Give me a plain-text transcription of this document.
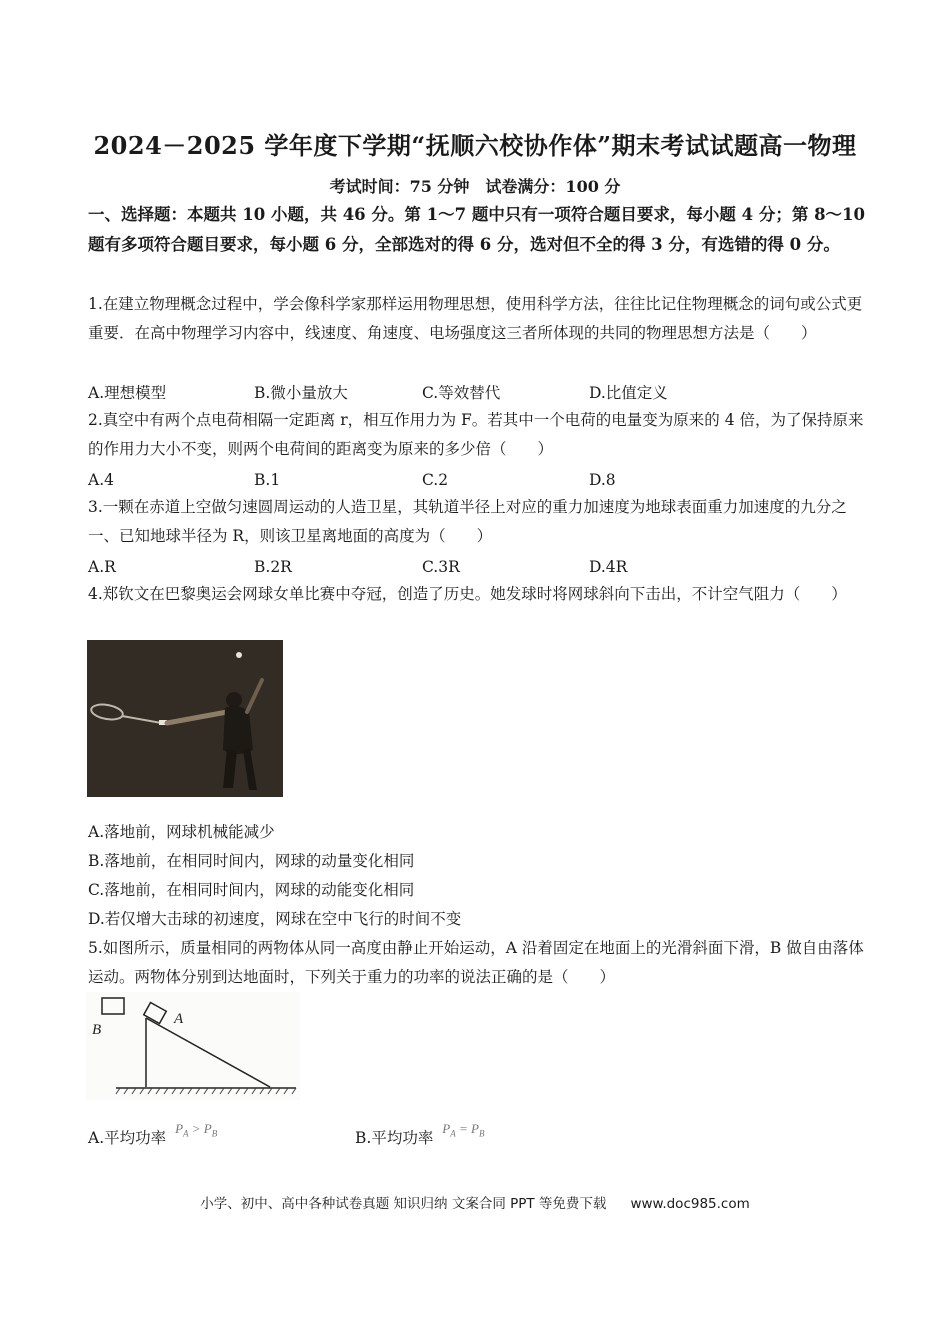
2024－2025 学年度下学期“抚顺六校协作体”期末考试试题高一物理
考试时间：75 分钟　试卷满分：100 分
一、选择题：本题共 10 小题，共 46 分。第 1～7 题中只有一项符合题目要求，每小题 4 分；第 8～10 题有多项符合题目要求，每小题 6 分，全部选对的得 6 分，选对但不全的得 3 分，有选错的得 0 分。
1.在建立物理概念过程中，学会像科学家那样运用物理思想，使用科学方法，往往比记住物理概念的词句或公式更重要．在高中物理学习内容中，线速度、角速度、电场强度这三者所体现的共同的物理思想方法是（　　）
A.理想模型	B.微小量放大	C.等效替代	D.比值定义
2.真空中有两个点电荷相隔一定距离 r，相互作用力为 F。若其中一个电荷的电量变为原来的 4 倍，为了保持原来的作用力大小不变，则两个电荷间的距离变为原来的多少倍（　　）
A.4	B.1	C.2	D.8
3.一颗在赤道上空做匀速圆周运动的人造卫星，其轨道半径上对应的重力加速度为地球表面重力加速度的九分之一、已知地球半径为 R，则该卫星离地面的高度为（　　）
A.R	B.2R	C.3R	D.4R
4.郑钦文在巴黎奥运会网球女单比赛中夺冠，创造了历史。她发球时将网球斜向下击出，不计空气阻力（　　）
A.落地前，网球机械能减少
B.落地前，在相同时间内，网球的动量变化相同
C.落地前，在相同时间内，网球的动能变化相同
D.若仅增大击球的初速度，网球在空中飞行的时间不变
5.如图所示，质量相同的两物体从同一高度由静止开始运动，A 沿着固定在地面上的光滑斜面下滑，B 做自由落体运动。两物体分别到达地面时，下列关于重力的功率的说法正确的是（　　）
B
A
A.平均功率 $^{P_A > P_B}$	B.平均功率 $^{P_A = P_B}$
小学、初中、高中各种试卷真题 知识归纳 文案合同 PPT 等免费下载 www.doc985.com
